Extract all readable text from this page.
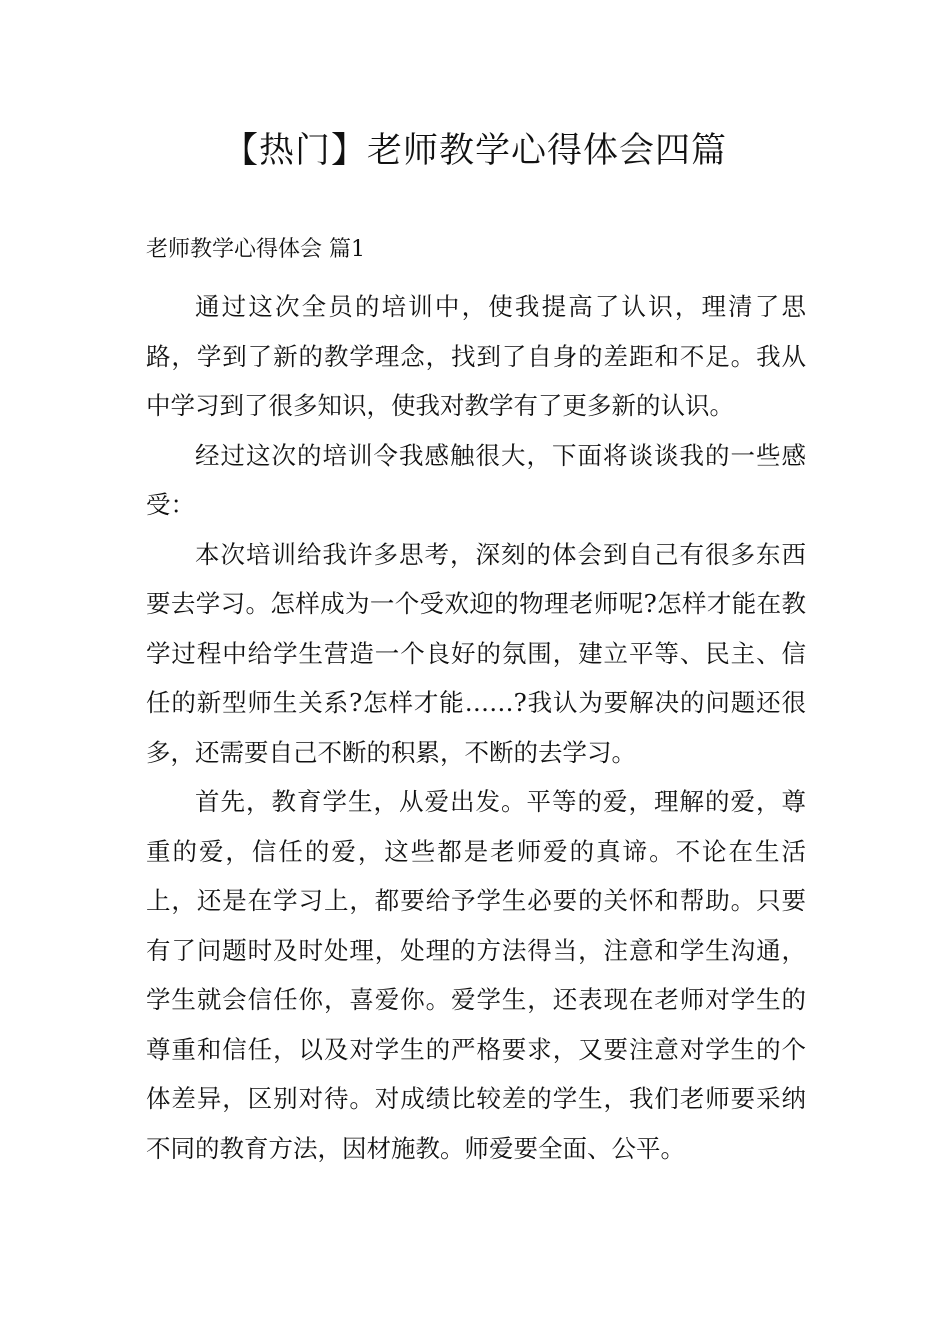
【热门】老师教学心得体会四篇
老师教学心得体会 篇1

通过这次全员的培训中，使我提高了认识，理清了思路，学到了新的教学理念，找到了自身的差距和不足。我从中学习到了很多知识，使我对教学有了更多新的认识。

经过这次的培训令我感触很大，下面将谈谈我的一些感受：

本次培训给我许多思考，深刻的体会到自己有很多东西要去学习。怎样成为一个受欢迎的物理老师呢?怎样才能在教学过程中给学生营造一个良好的氛围，建立平等、民主、信任的新型师生关系?怎样才能……?我认为要解决的问题还很多，还需要自己不断的积累，不断的去学习。

首先，教育学生，从爱出发。平等的爱，理解的爱，尊重的爱，信任的爱，这些都是老师爱的真谛。不论在生活上，还是在学习上，都要给予学生必要的关怀和帮助。只要有了问题时及时处理，处理的方法得当，注意和学生沟通，学生就会信任你，喜爱你。爱学生，还表现在老师对学生的尊重和信任，以及对学生的严格要求，又要注意对学生的个体差异，区别对待。对成绩比较差的学生，我们老师要采纳不同的教育方法，因材施教。师爱要全面、公平。
